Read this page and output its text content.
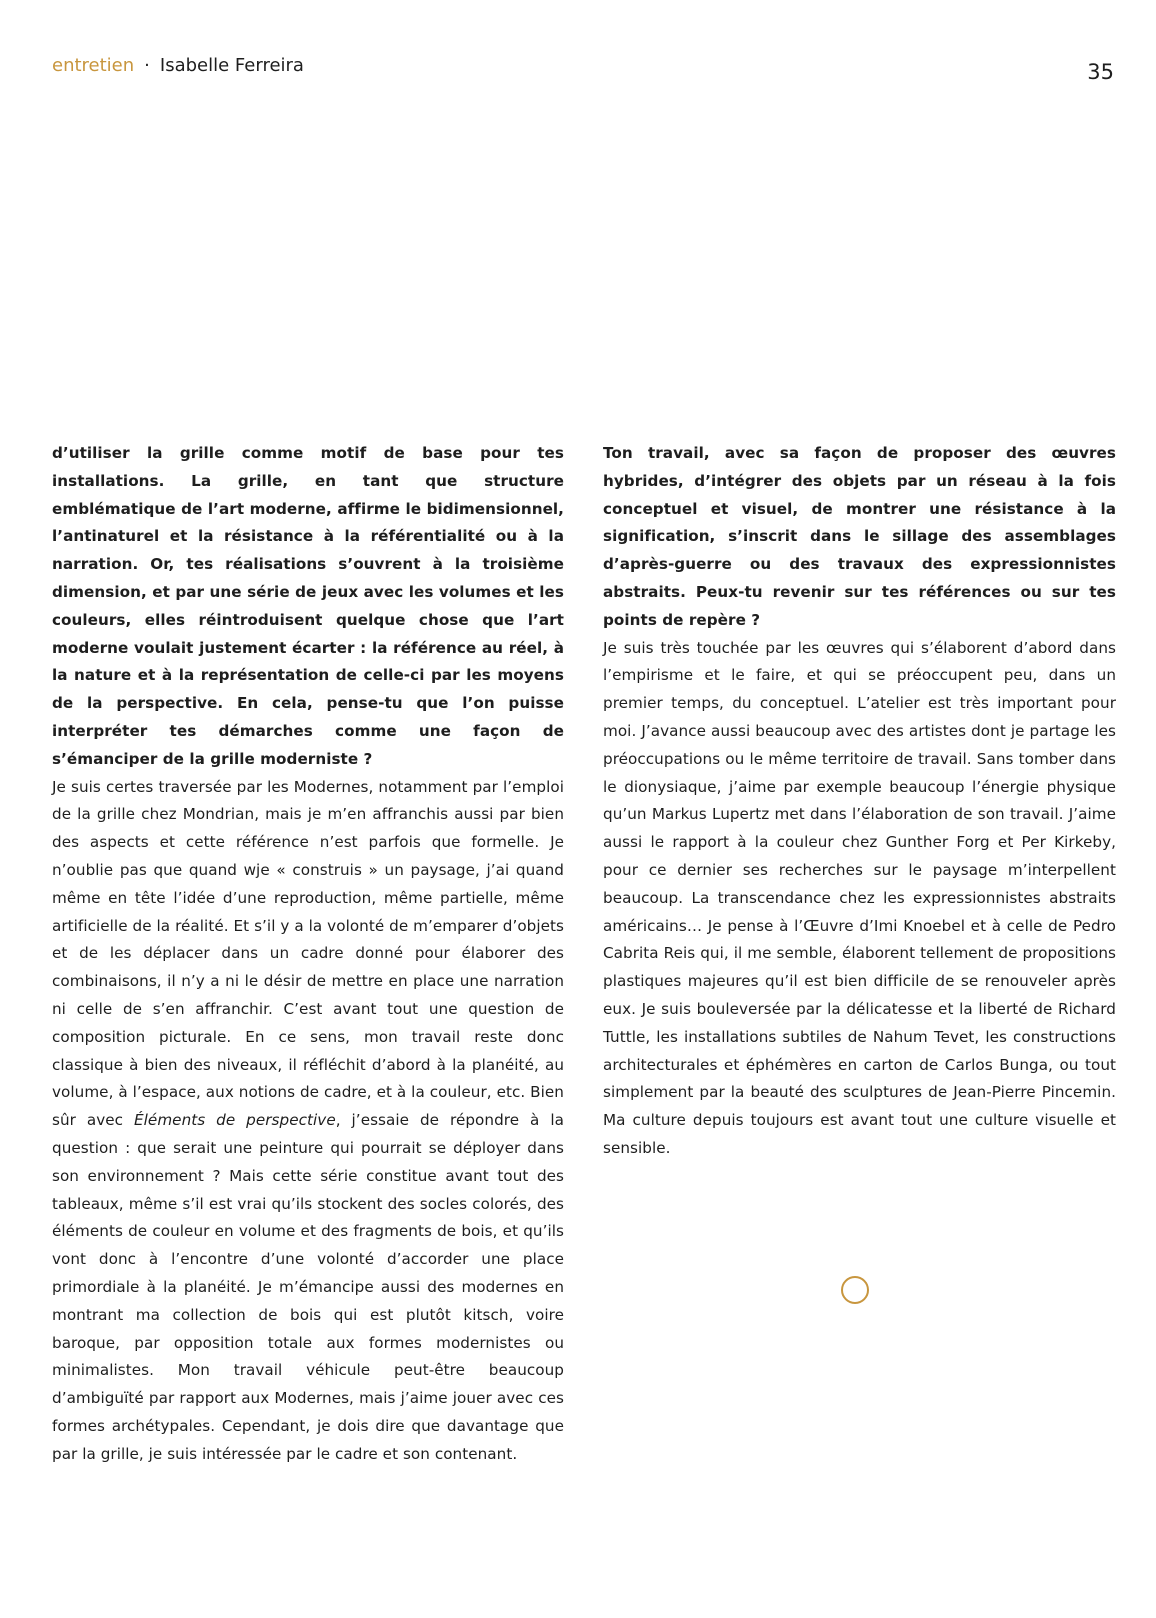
entretien · Isabelle Ferreira	35

d’utiliser la grille comme motif de base pour tes installations. La grille, en tant que structure emblématique de l’art moderne, affirme le bidimensionnel, l’antinaturel et la résistance à la référentialité ou à la narration. Or, tes réalisations s’ouvrent à la troisième dimension, et par une série de jeux avec les volumes et les couleurs, elles réintroduisent quelque chose que l’art moderne voulait justement écarter : la référence au réel, à la nature et à la représentation de celle-ci par les moyens de la perspective. En cela, pense-tu que l’on puisse interpréter tes démarches comme une façon de s’émanciper de la grille moderniste ?

Je suis certes traversée par les Modernes, notamment par l’emploi de la grille chez Mondrian, mais je m’en affranchis aussi par bien des aspects et cette référence n’est parfois que formelle. Je n’oublie pas que quand wje « construis » un paysage, j’ai quand même en tête l’idée d’une reproduction, même partielle, même artificielle de la réalité. Et s’il y a la volonté de m’emparer d’objets et de les déplacer dans un cadre donné pour élaborer des combinaisons, il n’y a ni le désir de mettre en place une narration ni celle de s’en affranchir. C’est avant tout une question de composition picturale. En ce sens, mon travail reste donc classique à bien des niveaux, il réfléchit d’abord à la planéité, au volume, à l’espace, aux notions de cadre, et à la couleur, etc. Bien sûr avec Éléments de perspective, j’essaie de répondre à la question : que serait une peinture qui pourrait se déployer dans son environnement ? Mais cette série constitue avant tout des tableaux, même s’il est vrai qu’ils stockent des socles colorés, des éléments de couleur en volume et des fragments de bois, et qu’ils vont donc à l’encontre d’une volonté d’accorder une place primordiale à la planéité. Je m’émancipe aussi des modernes en montrant ma collection de bois qui est plutôt kitsch, voire baroque, par opposition totale aux formes modernistes ou minimalistes. Mon travail véhicule peut-être beaucoup d’ambiguïté par rapport aux Modernes, mais j’aime jouer avec ces formes archétypales. Cependant, je dois dire que davantage que par la grille, je suis intéressée par le cadre et son contenant.

Ton travail, avec sa façon de proposer des œuvres hybrides, d’intégrer des objets par un réseau à la fois conceptuel et visuel, de montrer une résistance à la signification, s’inscrit dans le sillage des assemblages d’après-guerre ou des travaux des expressionnistes abstraits. Peux-tu revenir sur tes références ou sur tes points de repère ?

Je suis très touchée par les œuvres qui s’élaborent d’abord dans l’empirisme et le faire, et qui se préoccupent peu, dans un premier temps, du conceptuel. L’atelier est très important pour moi. J’avance aussi beaucoup avec des artistes dont je partage les préoccupations ou le même territoire de travail. Sans tomber dans le dionysiaque, j’aime par exemple beaucoup l’énergie physique qu’un Markus Lupertz met dans l’élaboration de son travail. J’aime aussi le rapport à la couleur chez Gunther Forg et Per Kirkeby, pour ce dernier ses recherches sur le paysage m’interpellent beaucoup. La transcendance chez les expressionnistes abstraits américains… Je pense à l’Œuvre d’Imi Knoebel et à celle de Pedro Cabrita Reis qui, il me semble, élaborent tellement de propositions plastiques majeures qu’il est bien difficile de se renouveler après eux. Je suis bouleversée par la délicatesse et la liberté de Richard Tuttle, les installations subtiles de Nahum Tevet, les constructions architecturales et éphémères en carton de Carlos Bunga, ou tout simplement par la beauté des sculptures de Jean-Pierre Pincemin. Ma culture depuis toujours est avant tout une culture visuelle et sensible.
